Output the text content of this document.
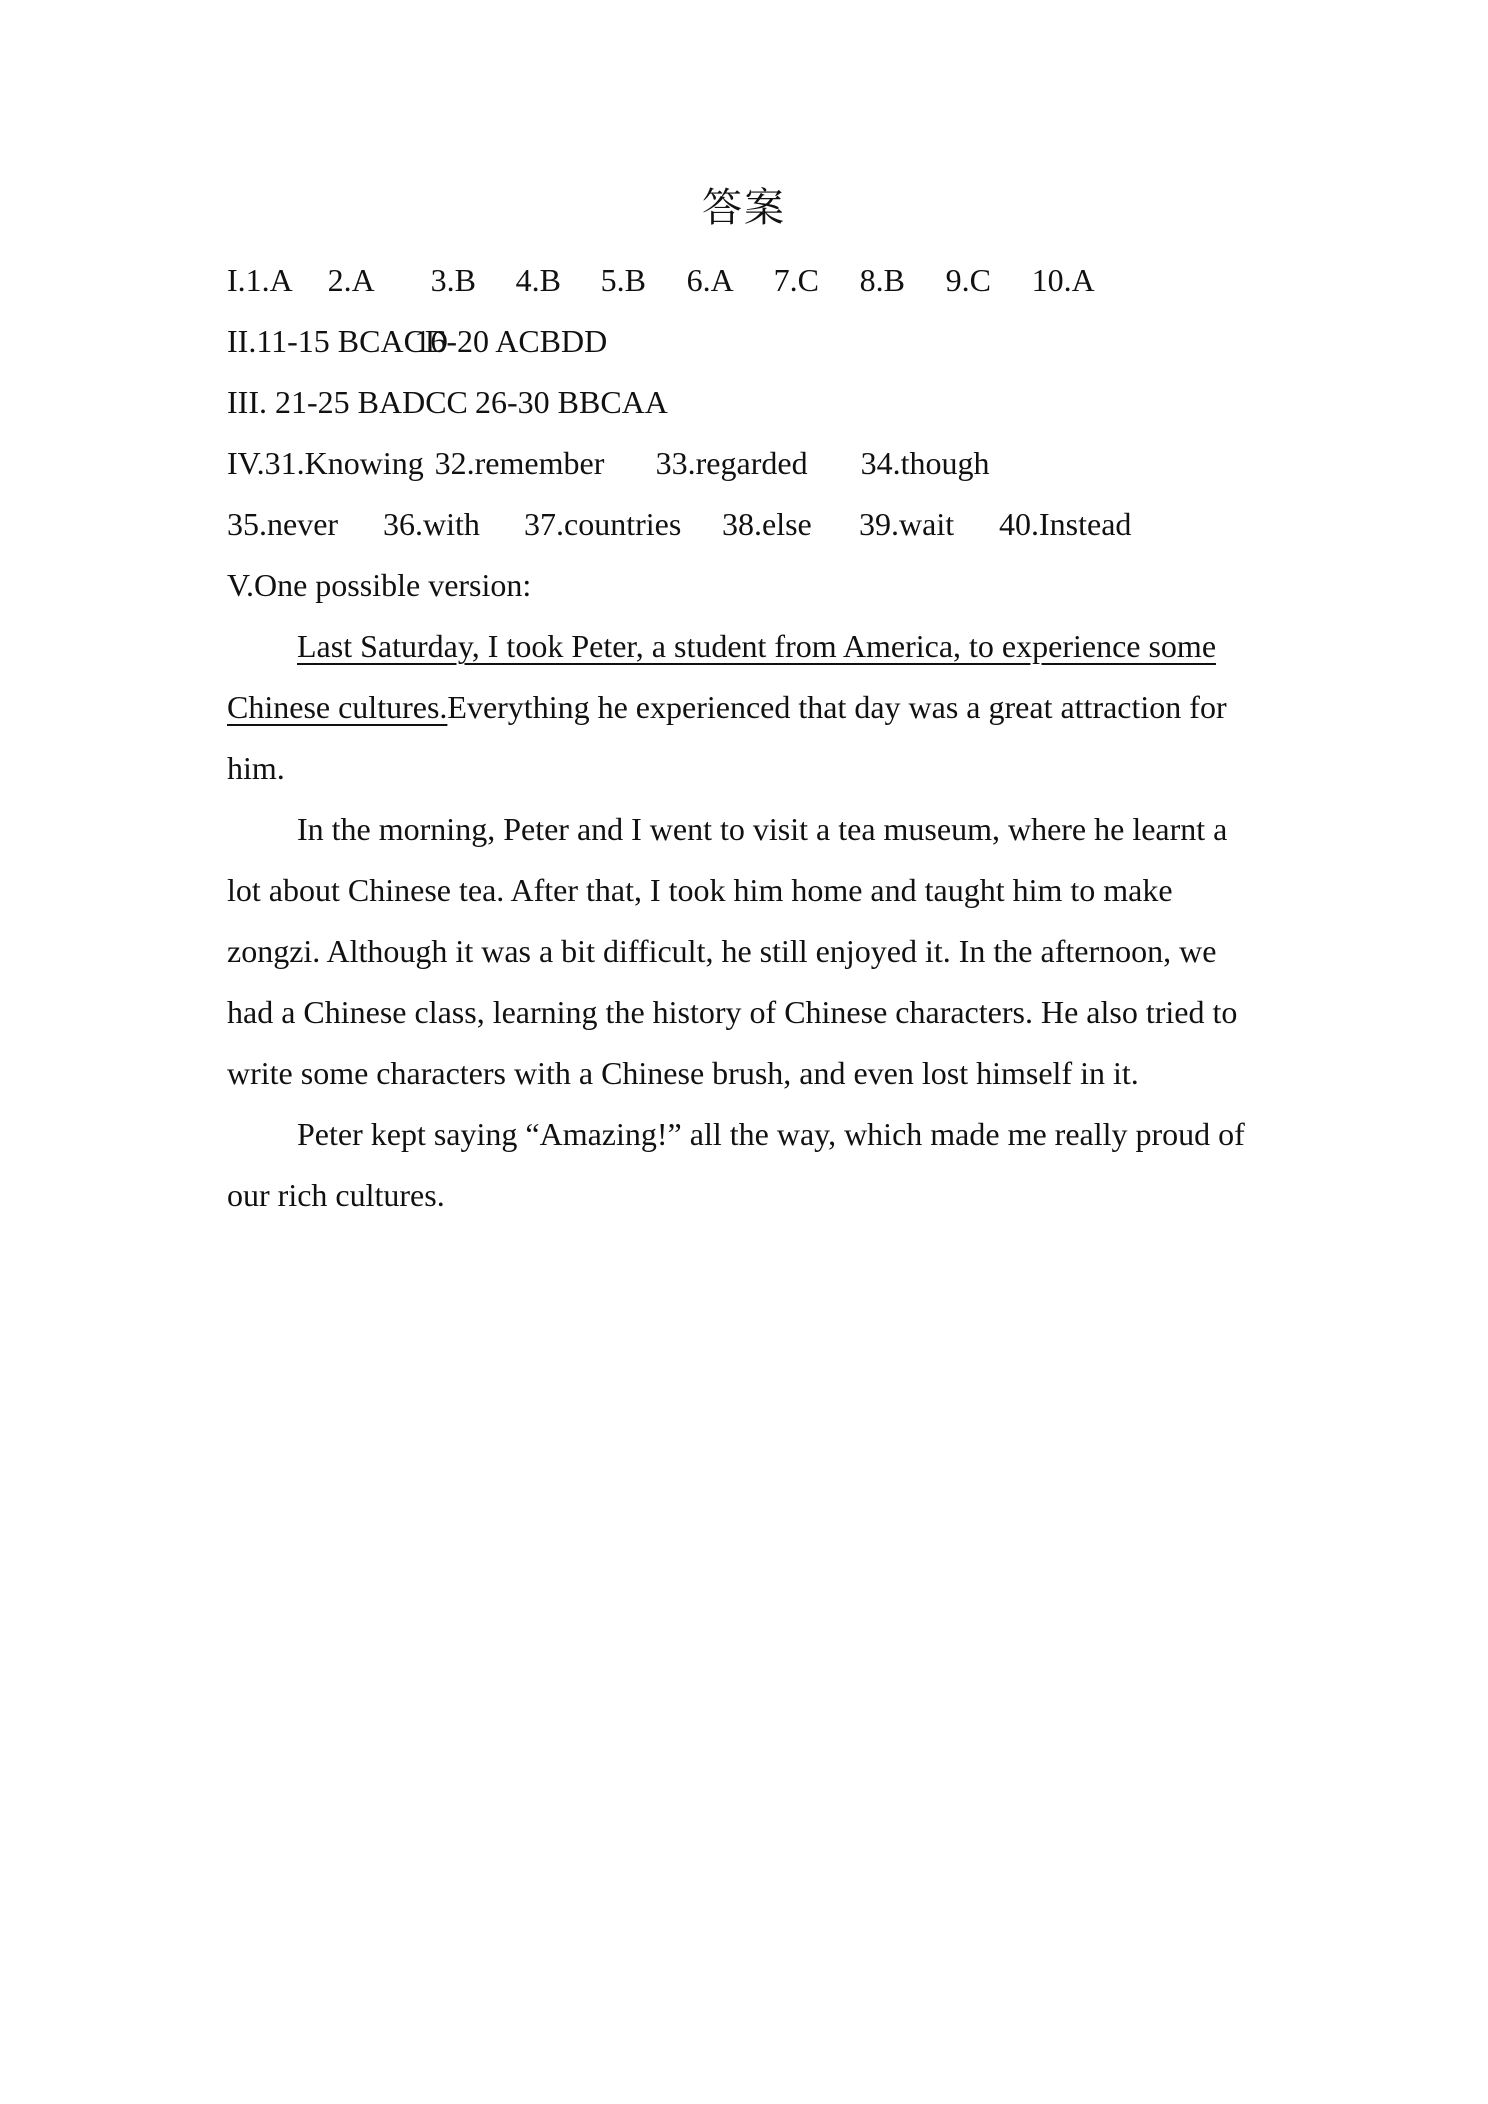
答案
I.1.A 2.A 3.B 4.B 5.B 6.A 7.C 8.B 9.C 10.A
II.11-15 BCACD16-20 ACBDD
III. 21-25 BADCC 26-30 BBCAA
IV.31.Knowing 32.remember 33.regarded 34.though
35.never 36.with 37.countries 38.else 39.wait 40.Instead
V.One possible version:
Last Saturday, I took Peter, a student from America, to experience some Chinese cultures.Everything he experienced that day was a great attraction for him.
In the morning, Peter and I went to visit a tea museum, where he learnt a lot about Chinese tea. After that, I took him home and taught him to make zongzi. Although it was a bit difficult, he still enjoyed it. In the afternoon, we had a Chinese class, learning the history of Chinese characters. He also tried to write some characters with a Chinese brush, and even lost himself in it.
Peter kept saying “Amazing!” all the way, which made me really proud of our rich cultures.
